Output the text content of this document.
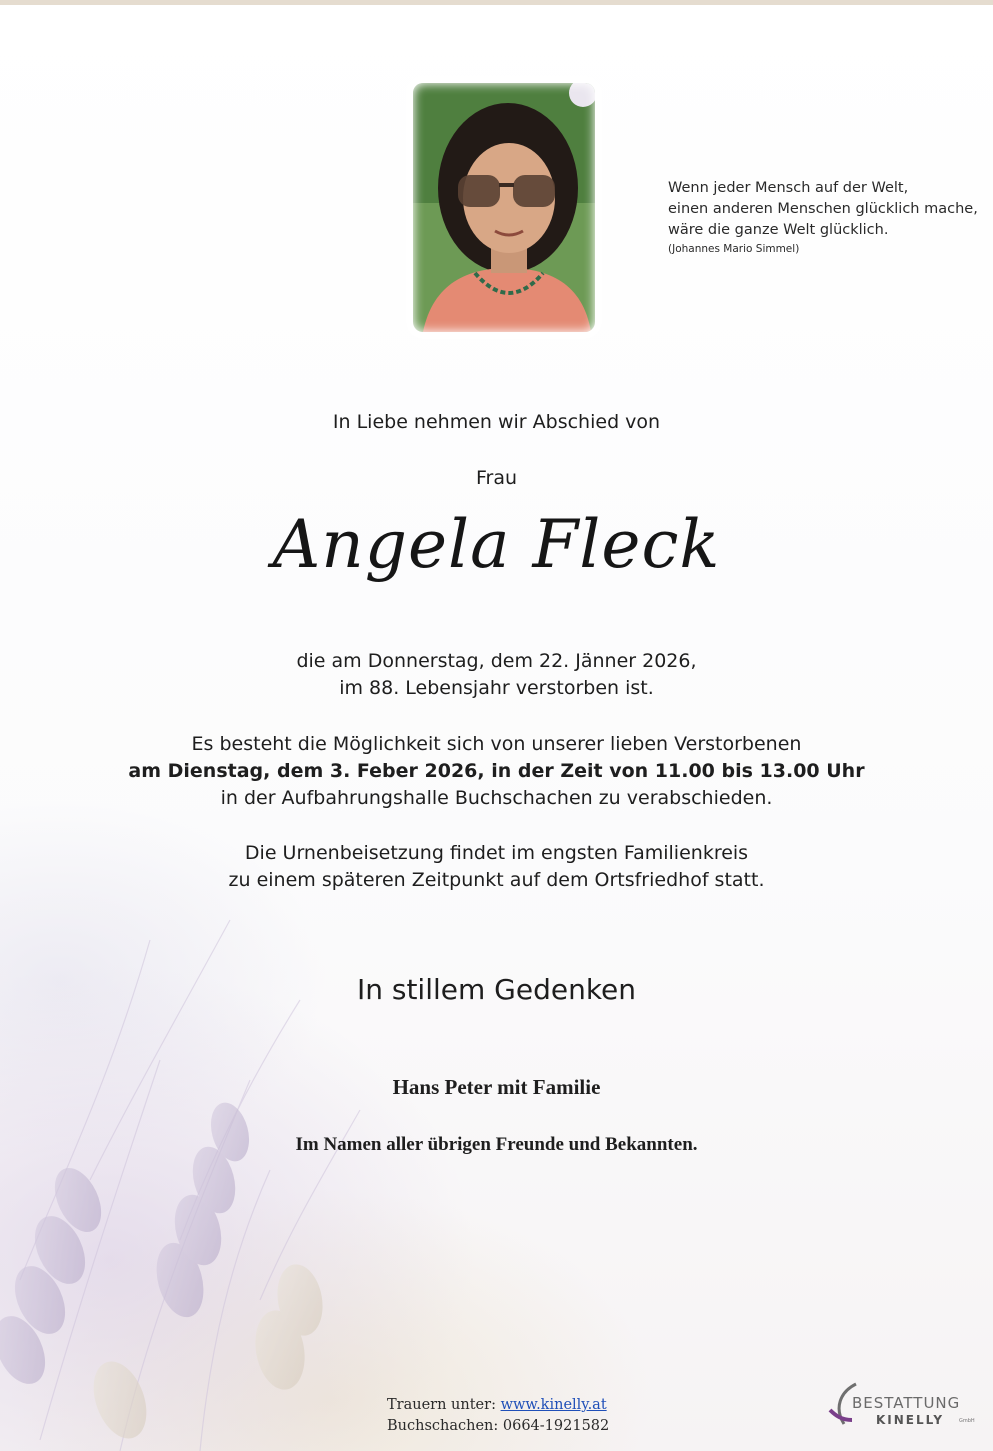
Wenn jeder Mensch auf der Welt,
einen anderen Menschen glücklich mache,
wäre die ganze Welt glücklich.
(Johannes Mario Simmel)
In Liebe nehmen wir Abschied von
Frau
Angela Fleck
die am Donnerstag, dem 22. Jänner 2026,
im 88. Lebensjahr verstorben ist.
Es besteht die Möglichkeit sich von unserer lieben Verstorbenen
am Dienstag, dem 3. Feber 2026, in der Zeit von 11.00 bis 13.00 Uhr
in der Aufbahrungshalle Buchschachen zu verabschieden.
Die Urnenbeisetzung findet im engsten Familienkreis
zu einem späteren Zeitpunkt auf dem Ortsfriedhof statt.
In stillem Gedenken
Hans Peter mit Familie
Im Namen aller übrigen Freunde und Bekannten.
Trauern unter: www.kinelly.at
Buchschachen: 0664-1921582
BESTATTUNG
KINELLY	GmbH
